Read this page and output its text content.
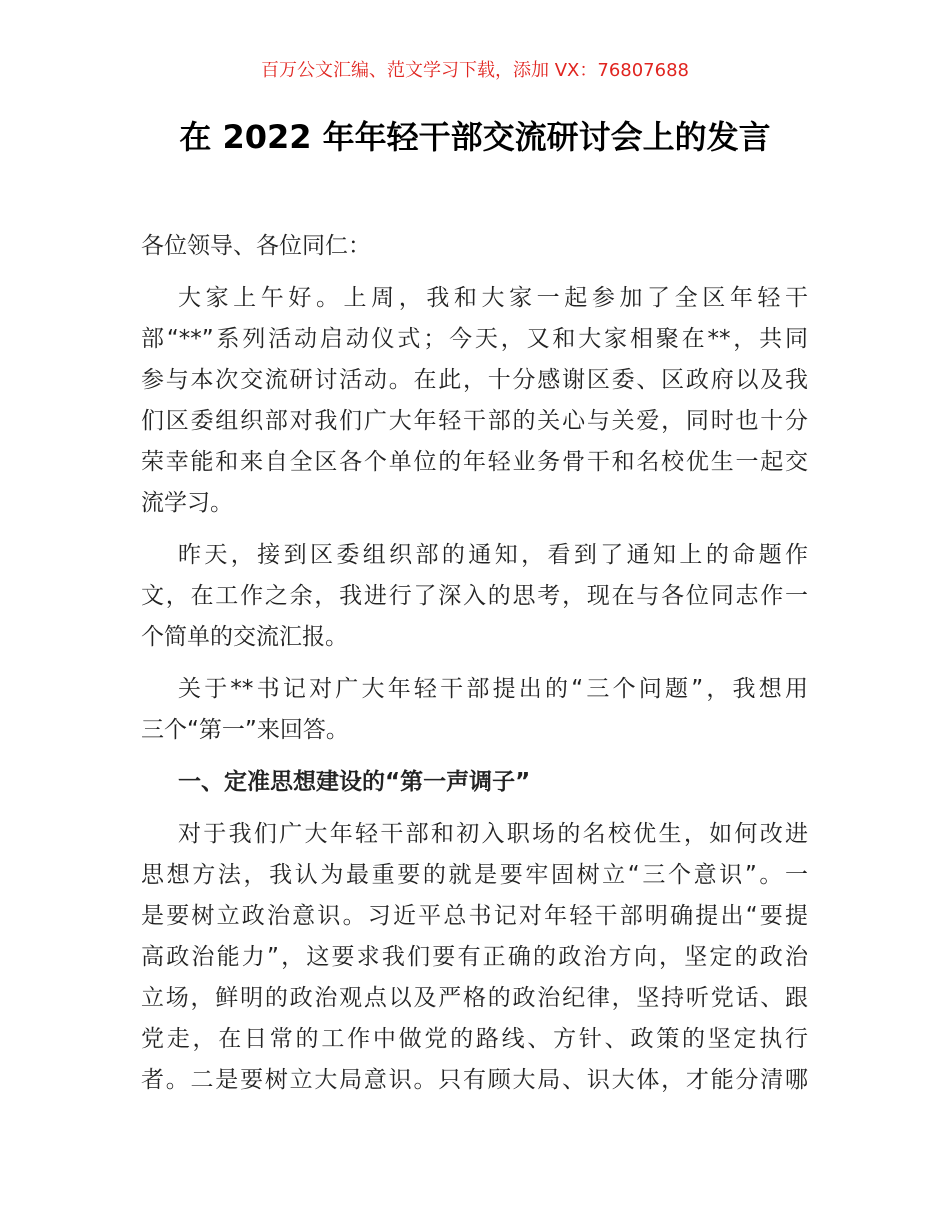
百万公文汇编、范文学习下载，添加 VX：76807688
在 2022 年年轻干部交流研讨会上的发言
各位领导、各位同仁：
大家上午好。上周，我和大家一起参加了全区年轻干
部“**”系列活动启动仪式；今天，又和大家相聚在**，共同
参与本次交流研讨活动。在此，十分感谢区委、区政府以及我
们区委组织部对我们广大年轻干部的关心与关爱，同时也十分
荣幸能和来自全区各个单位的年轻业务骨干和名校优生一起交
流学习。
昨天，接到区委组织部的通知，看到了通知上的命题作
文，在工作之余，我进行了深入的思考，现在与各位同志作一
个简单的交流汇报。
关于**书记对广大年轻干部提出的“三个问题”，我想用
三个“第一”来回答。
一、定准思想建设的“第一声调子”
对于我们广大年轻干部和初入职场的名校优生，如何改进
思想方法，我认为最重要的就是要牢固树立“三个意识”。一
是要树立政治意识。习近平总书记对年轻干部明确提出“要提
高政治能力”，这要求我们要有正确的政治方向，坚定的政治
立场，鲜明的政治观点以及严格的政治纪律，坚持听党话、跟
党走，在日常的工作中做党的路线、方针、政策的坚定执行
者。二是要树立大局意识。只有顾大局、识大体，才能分清哪
